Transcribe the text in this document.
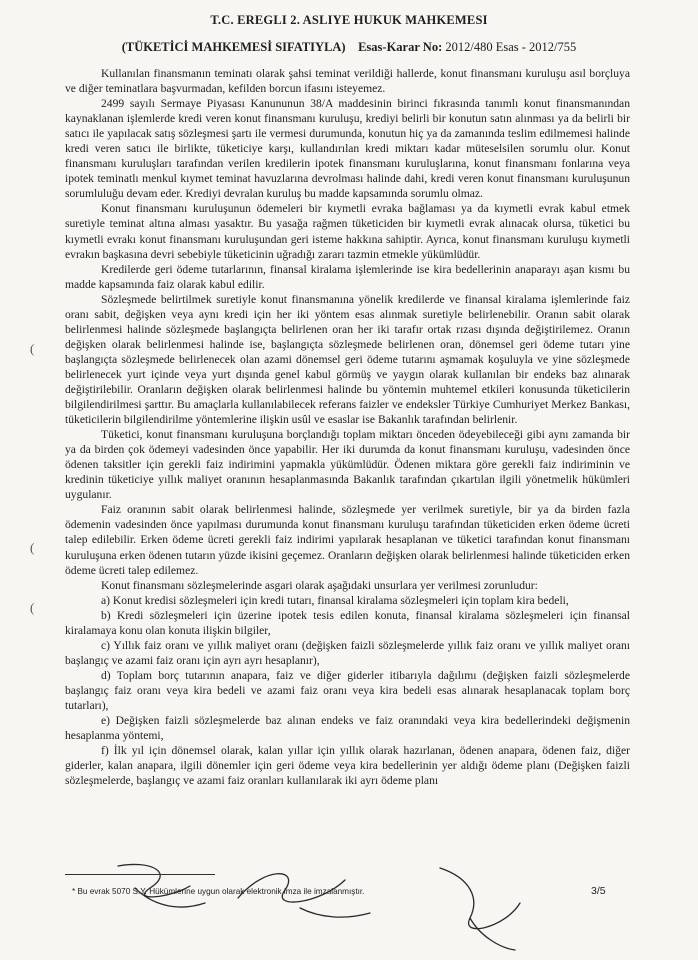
T.C. EREGLI 2. ASLIYE HUKUK MAHKEMESI
(TÜKETİCİ MAHKEMESİ SIFATIYLA) Esas-Karar No: 2012/480 Esas - 2012/755
(
(
(

Kullanılan finansmanın teminatı olarak şahsi teminat verildiği hallerde, konut finansmanı kuruluşu asıl borçluya ve diğer teminatlara başvurmadan, kefilden borcun ifasını isteyemez.

2499 sayılı Sermaye Piyasası Kanununun 38/A maddesinin birinci fıkrasında tanımlı konut finansmanından kaynaklanan işlemlerde kredi veren konut finansmanı kuruluşu, krediyi belirli bir konutun satın alınması ya da belirli bir satıcı ile yapılacak satış sözleşmesi şartı ile vermesi durumunda, konutun hiç ya da zamanında teslim edilmemesi halinde kredi veren satıcı ile birlikte, tüketiciye karşı, kullandırılan kredi miktarı kadar müteselsilen sorumlu olur. Konut finansmanı kuruluşları tarafından verilen kredilerin ipotek finansmanı kuruluşlarına, konut finansmanı fonlarına veya ipotek teminatlı menkul kıymet teminat havuzlarına devrolması halinde dahi, kredi veren konut finansmanı kuruluşunun sorumluluğu devam eder. Krediyi devralan kuruluş bu madde kapsamında sorumlu olmaz.

Konut finansmanı kuruluşunun ödemeleri bir kıymetli evraka bağlaması ya da kıymetli evrak kabul etmek suretiyle teminat altına alması yasaktır. Bu yasağa rağmen tüketiciden bir kıymetli evrak alınacak olursa, tüketici bu kıymetli evrakı konut finansmanı kuruluşundan geri isteme hakkına sahiptir. Ayrıca, konut finansmanı kuruluşu kıymetli evrakın başkasına devri sebebiyle tüketicinin uğradığı zararı tazmin etmekle yükümlüdür.

Kredilerde geri ödeme tutarlarının, finansal kiralama işlemlerinde ise kira bedellerinin anaparayı aşan kısmı bu madde kapsamında faiz olarak kabul edilir.

Sözleşmede belirtilmek suretiyle konut finansmanına yönelik kredilerde ve finansal kiralama işlemlerinde faiz oranı sabit, değişken veya aynı kredi için her iki yöntem esas alınmak suretiyle belirlenebilir. Oranın sabit olarak belirlenmesi halinde sözleşmede başlangıçta belirlenen oran her iki tarafır ortak rızası dışında değiştirilemez. Oranın değişken olarak belirlenmesi halinde ise, başlangıçta sözleşmede belirlenen oran, dönemsel geri ödeme tutarı yine başlangıçta sözleşmede belirlenecek olan azami dönemsel geri ödeme tutarını aşmamak koşuluyla ve yine sözleşmede belirlenecek yurt içinde veya yurt dışında genel kabul görmüş ve yaygın olarak kullanılan bir endeks baz alınarak değiştirilebilir. Oranların değişken olarak belirlenmesi halinde bu yöntemin muhtemel etkileri konusunda tüketicilerin bilgilendirilmesi şarttır. Bu amaçlarla kullanılabilecek referans faizler ve endeksler Türkiye Cumhuriyet Merkez Bankası, tüketicilerin bilgilendirilme yöntemlerine ilişkin usûl ve esaslar ise Bakanlık tarafından belirlenir.

Tüketici, konut finansmanı kuruluşuna borçlandığı toplam miktarı önceden ödeyebileceği gibi aynı zamanda bir ya da birden çok ödemeyi vadesinden önce yapabilir. Her iki durumda da konut finansmanı kuruluşu, vadesinden önce ödenen taksitler için gerekli faiz indirimini yapmakla yükümlüdür. Ödenen miktara göre gerekli faiz indiriminin ve kredinin tüketiciye yıllık maliyet oranının hesaplanmasında Bakanlık tarafından çıkartılan ilgili yönetmelik hükümleri uygulanır.

Faiz oranının sabit olarak belirlenmesi halinde, sözleşmede yer verilmek suretiyle, bir ya da birden fazla ödemenin vadesinden önce yapılması durumunda konut finansmanı kuruluşu tarafından tüketiciden erken ödeme ücreti talep edilebilir. Erken ödeme ücreti gerekli faiz indirimi yapılarak hesaplanan ve tüketici tarafından konut finansmanı kuruluşuna erken ödenen tutarın yüzde ikisini geçemez. Oranların değişken olarak belirlenmesi halinde tüketiciden erken ödeme ücreti talep edilemez.

Konut finansmanı sözleşmelerinde asgari olarak aşağıdaki unsurlara yer verilmesi zorunludur:

a) Konut kredisi sözleşmeleri için kredi tutarı, finansal kiralama sözleşmeleri için toplam kira bedeli,

b) Kredi sözleşmeleri için üzerine ipotek tesis edilen konuta, finansal kiralama sözleşmeleri için finansal kiralamaya konu olan konuta ilişkin bilgiler,

c) Yıllık faiz oranı ve yıllık maliyet oranı (değişken faizli sözleşmelerde yıllık faiz oranı ve yıllık maliyet oranı başlangıç ve azami faiz oranı için ayrı ayrı hesaplanır),

d) Toplam borç tutarının anapara, faiz ve diğer giderler itibarıyla dağılımı (değişken faizli sözleşmelerde başlangıç faiz oranı veya kira bedeli ve azami faiz oranı veya kira bedeli esas alınarak hesaplanacak toplam borç tutarları),

e) Değişken faizli sözleşmelerde baz alınan endeks ve faiz oranındaki veya kira bedellerindeki değişmenin hesaplanma yöntemi,

f) İlk yıl için dönemsel olarak, kalan yıllar için yıllık olarak hazırlanan, ödenen anapara, ödenen faiz, diğer giderler, kalan anapara, ilgili dönemler için geri ödeme veya kira bedellerinin yer aldığı ödeme planı (Değişken faizli sözleşmelerde, başlangıç ve azami faiz oranları kullanılarak iki ayrı ödeme planı

* Bu evrak 5070 S.Y. Hükümlerine uygun olarak elektronik imza ile imzalanmıştır.	3/5
